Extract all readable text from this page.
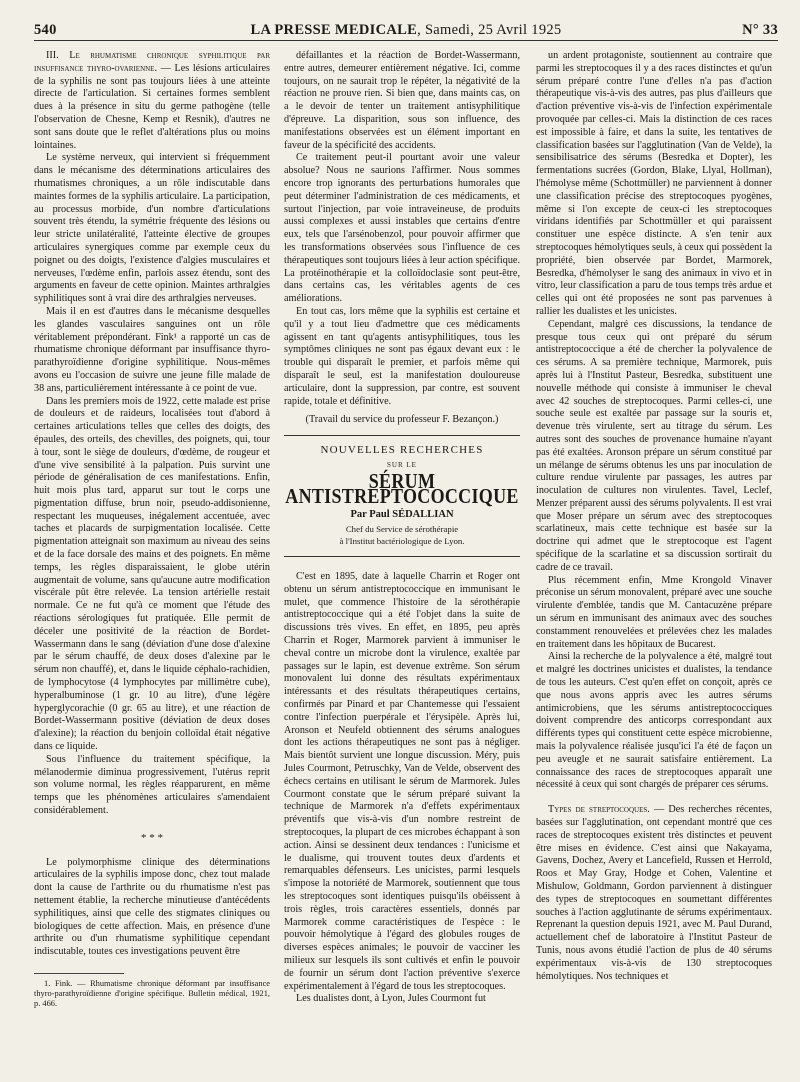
540	LA PRESSE MEDICALE, Samedi, 25 Avril 1925	N° 33

III. Le rhumatisme chronique syphilitique par insuffisance thyro-ovarienne. — Les lésions articulaires de la syphilis ne sont pas toujours liées à une atteinte directe de l'articulation. Si certaines formes semblent dues à la présence in situ du germe pathogène (telle l'observation de Chesne, Kemp et Resnik), d'autres ne sont sans doute que le reflet d'altérations plus ou moins lointaines.

Le système nerveux, qui intervient si fréquemment dans le mécanisme des déterminations articulaires des rhumatismes chroniques, a un rôle indiscutable dans maintes formes de la syphilis articulaire. La participation, au processus morbide, d'un nombre d'articulations souvent très étendu, la symétrie fréquente des lésions ou leur stricte unilatéralité, l'atteinte élective de groupes articulaires synergiques comme par exemple ceux du poignet ou des doigts, l'existence d'algies musculaires et nerveuses, l'œdème enfin, parlois assez étendu, sont des arguments en faveur de cette opinion. Maintes arthralgies syphilitiques sont à vrai dire des arthralgies nerveuses.

Mais il en est d'autres dans le mécanisme desquelles les glandes vasculaires sanguines ont un rôle véritablement prépondérant. Fink¹ a rapporté un cas de rhumatisme chronique déformant par insuffisance thyro-parathyroïdienne d'origine syphilitique. Nous-mêmes avons eu l'occasion de suivre une jeune fille malade de 38 ans, particulièrement intéressante à ce point de vue.

Dans les premiers mois de 1922, cette malade est prise de douleurs et de raideurs, localisées tout d'abord à certaines articulations telles que celles des doigts, des épaules, des orteils, des chevilles, des poignets, qui, tour à tour, sont le siège de douleurs, d'œdème, de rougeur et d'une vive sensibilité à la palpation. Puis survint une période de généralisation de ces manifestations. Enfin, huit mois plus tard, apparut sur tout le corps une pigmentation diffuse, brun noir, pseudo-addisonienne, respectant les muqueuses, inégalement accentuée, avec taches et placards de surpigmentation localisée. Cette pigmentation atteignait son maximum au niveau des seins et de la face dorsale des mains et des poignets. En même temps, les règles disparaissaient, le globe utérin augmentait de volume, sans qu'aucune autre modification viscérale pût être relevée. La tension artérielle restait normale. Ce ne fut qu'à ce moment que l'étude des réactions sérologiques fut pratiquée. Elle permit de déceler une positivité de la réaction de Bordet-Wassermann dans le sang (déviation d'une dose d'alexine par le sérum chauffé, de deux doses d'alexine par le sérum non chauffé), et, dans le liquide céphalo-rachidien, de lymphocytose (4 lymphocytes par millimètre cube), hyperalbuminose (1 gr. 10 au litre), d'une légère hyperglycorachie (0 gr. 65 au litre), et une réaction de Bordet-Wassermann positive (déviation de deux doses d'alexine); la réaction du benjoin colloïdal était négative dans ce liquide.

Sous l'influence du traitement spécifique, la mélanodermie diminua progressivement, l'utérus reprit son volume normal, les règles réapparurent, en même temps que les phénomènes articulaires s'amendaient considérablement.

* * *

Le polymorphisme clinique des déterminations articulaires de la syphilis impose donc, chez tout malade dont la cause de l'arthrite ou du rhumatisme n'est pas nettement établie, la recherche minutieuse d'antécédents syphilitiques, ainsi que celle des stigmates cliniques ou biologiques de cette affection. Mais, en présence d'une arthrite ou d'un rhumatisme syphilitique cependant indiscutable, toutes ces investigations peuvent être

1. Fink. — Rhumatisme chronique déformant par insuffisance thyro-parathyroïdienne d'origine spécifique. Bulletin médical, 1921, p. 466.

défaillantes et la réaction de Bordet-Wassermann, entre autres, demeurer entièrement négative. Ici, comme toujours, on ne saurait trop le répéter, la négativité de la réaction ne prouve rien. Si bien que, dans maints cas, on a le devoir de tenter un traitement antisyphilitique d'épreuve. La disparition, sous son influence, des manifestations observées est un élément important en faveur de la spécificité des accidents.

Ce traitement peut-il pourtant avoir une valeur absolue? Nous ne saurions l'affirmer. Nous sommes encore trop ignorants des perturbations humorales que peut déterminer l'administration de ces médicaments, et surtout l'injection, par voie intraveineuse, de produits aussi complexes et aussi instables que certains d'entre eux, tels que l'arsénobenzol, pour pouvoir affirmer que les transformations observées sous l'influence de ces thérapeutiques sont toujours liées à leur action spécifique. La protéinothérapie et la colloïdoclasie sont peut-être, dans certains cas, les véritables agents de ces améliorations.

En tout cas, lors même que la syphilis est certaine et qu'il y a tout lieu d'admettre que ces médicaments agissent en tant qu'agents antisyphilitiques, tous les symptômes cliniques ne sont pas égaux devant eux : le trouble qui disparaît le premier, et parfois même qui disparaît le seul, est la manifestation douloureuse articulaire, dont la suppression, par contre, est souvent rapide, totale et définitive.

(Travail du service du professeur F. Bezançon.)

NOUVELLES RECHERCHES
SUR LE
SÉRUM ANTISTREPTOCOCCIQUE
Par Paul SÉDALLIAN
Chef du Service de sérothérapie
à l'Institut bactériologique de Lyon.

C'est en 1895, date à laquelle Charrin et Roger ont obtenu un sérum antistreptococcique en immunisant le mulet, que commence l'histoire de la sérothérapie antistreptococcique qui a été l'objet dans la suite de discussions très vives. En effet, en 1895, peu après Charrin et Roger, Marmorek parvient à immuniser le cheval contre un microbe dont la virulence, exaltée par passages sur le lapin, est devenue extrême. Son sérum monovalent lui donne des résultats expérimentaux intéressants et des résultats thérapeutiques certains, confirmés par Pinard et par Chantemesse qui l'essaient contre l'infection puerpérale et l'érysipèle. Après lui, Aronson et Neufeld obtiennent des sérums analogues dont les actions thérapeutiques ne sont pas à négliger. Mais bientôt survient une longue discussion. Méry, puis Jules Courmont, Petruschky, Van de Velde, observent des échecs certains en utilisant le sérum de Marmorek. Jules Courmont constate que le sérum préparé suivant la technique de Marmorek n'a d'effets expérimentaux préventifs que vis-à-vis d'un nombre restreint de streptocoques, la plupart de ces microbes échappant à son action. Ainsi se dessinent deux tendances : l'unicisme et le dualisme, qui trouvent toutes deux d'ardents et remarquables défenseurs. Les unicistes, parmi lesquels s'impose la notoriété de Marmorek, soutiennent que tous les streptocoques sont identiques puisqu'ils obéissent à trois règles, trois caractères essentiels, donnés par Marmorek comme caractéristiques de l'espèce : le pouvoir hémolytique à l'égard des globules rouges de diverses espèces animales; le pouvoir de vacciner les milieux sur lesquels ils sont cultivés et enfin le pouvoir de fournir un sérum dont l'action préventive s'exerce expérimentalement à l'égard de tous les streptocoques.

Les dualistes dont, à Lyon, Jules Courmont fut

un ardent protagoniste, soutiennent au contraire que parmi les streptocoques il y a des races distinctes et qu'un sérum préparé contre l'une d'elles n'a pas d'action thérapeutique vis-à-vis des autres, pas plus d'ailleurs que d'action préventive vis-à-vis de l'infection expérimentale provoquée par celles-ci. Mais la distinction de ces races est impossible à faire, et dans la suite, les tentatives de classification basées sur l'agglutination (Van de Velde), la sensibilisatrice des sérums (Besredka et Dopter), les fermentations sucrées (Gordon, Blake, Llyal, Hollman), l'hémolyse même (Schottmüller) ne parviennent à donner une classification précise des streptocoques pyogènes, même si l'on excepte de ceux-ci les streptocoques viridans identifiés par Schottmüller et qui paraissent constituer une espèce distincte. A s'en tenir aux streptocoques hémolytiques seuls, à ceux qui possèdent la propriété, bien observée par Bordet, Marmorek, Besredka, d'hémolyser le sang des animaux in vivo et in vitro, leur classification a paru de tous temps très ardue et celles qui ont été proposées ne sont pas parvenues à rallier les dualistes et les unicistes.

Cependant, malgré ces discussions, la tendance de presque tous ceux qui ont préparé du sérum antistreptococcique a été de chercher la polyvalence de ces sérums. A sa première technique, Marmorek, puis après lui à l'Institut Pasteur, Besredka, substituent une nouvelle méthode qui consiste à immuniser le cheval avec 42 souches de streptocoques. Parmi celles-ci, une souche seule est exaltée par passage sur la souris et, devenue très virulente, sert au titrage du sérum. Les autres sont des souches de provenance humaine n'ayant pas été exaltées. Aronson prépare un sérum constitué par un mélange de sérums obtenus les uns par inoculation de culture rendue virulente par passages, les autres par inoculation de cultures non virulentes. Tavel, Leclef, Menzer préparent aussi des sérums polyvalents. Il est vrai que Moser prépare un sérum avec des streptocoques scarlatineux, mais cette technique est basée sur la doctrine qui admet que le streptocoque est l'agent spécifique de la scarlatine et sa discussion sortirait du cadre de ce travail.

Plus récemment enfin, Mme Krongold Vinaver préconise un sérum monovalent, préparé avec une souche virulente d'emblée, tandis que M. Cantacuzène prépare un sérum en immunisant des animaux avec des souches constamment renouvelées et prélevées chez les malades en traitement dans les hôpitaux de Bucarest.

Ainsi la recherche de la polyvalence a été, malgré tout et malgré les doctrines unicistes et dualistes, la tendance de tous les auteurs. C'est qu'en effet on conçoit, après ce que nous avons appris avec les autres sérums antimicrobiens, que les sérums antistreptococciques doivent comprendre des anticorps correspondant aux différents types qui constituent cette espèce microbienne, mais la polyvalence réalisée jusqu'ici l'a été de façon un peu aveugle et ne saurait satisfaire entièrement. La connaissance des races de streptocoques apparaît une nécessité à ceux qui sont chargés de préparer ces sérums.

Types de streptocoques. — Des recherches récentes, basées sur l'agglutination, ont cependant montré que ces races de streptocoques existent très distinctes et peuvent être mises en évidence. C'est ainsi que Nakayama, Gavens, Dochez, Avery et Lancefield, Russen et Herrold, Roos et May Gray, Hodge et Cohen, Valentine et Mishulow, Goldmann, Gordon parviennent à distinguer des types de streptocoques en soumettant différentes souches à l'action agglutinante de sérums expérimentaux. Reprenant la question depuis 1921, avec M. Paul Durand, actuellement chef de laboratoire à l'Institut Pasteur de Tunis, nous avons étudié l'action de plus de 40 sérums expérimentaux vis-à-vis de 130 streptocoques hémolytiques. Nos techniques et
